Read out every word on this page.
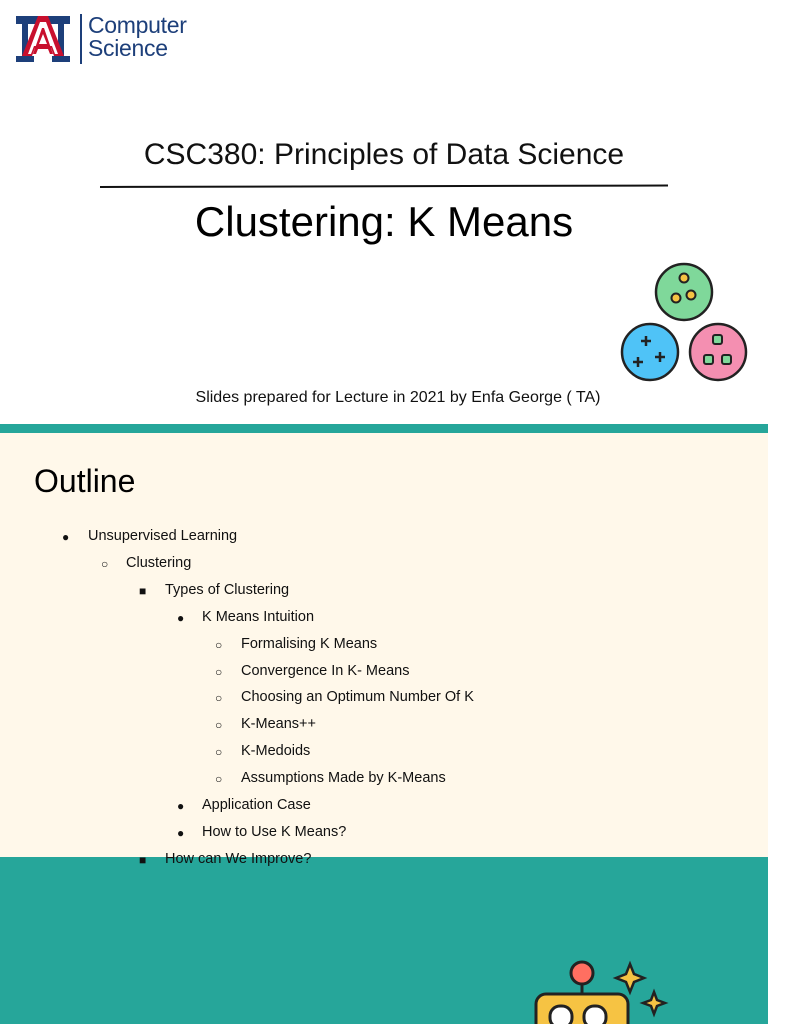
Computer
Science
CSC380: Principles of Data Science
Clustering: K Means
Slides prepared for Lecture in 2021 by Enfa George ( TA)
Outline
● Unsupervised Learning
○ Clustering
■ Types of Clustering
● K Means Intuition
○ Formalising K Means
○ Convergence In K- Means
○ Choosing an Optimum Number Of K
○ K-Means++
○ K-Medoids
○ Assumptions Made by K-Means
● Application Case
● How to Use K Means?
■ How can We Improve?
